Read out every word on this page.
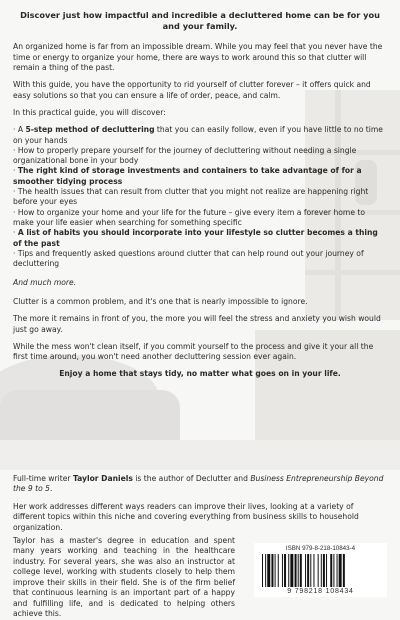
Discover just how impactful and incredible a decluttered home can be for you and your family.

An organized home is far from an impossible dream. While you may feel that you never have the time or energy to organize your home, there are ways to work around this so that clutter will remain a thing of the past.

With this guide, you have the opportunity to rid yourself of clutter forever – it offers quick and easy solutions so that you can ensure a life of order, peace, and calm.

In this practical guide, you will discover:

· A 5-step method of decluttering that you can easily follow, even if you have little to no time on your hands
· How to properly prepare yourself for the journey of decluttering without needing a single organizational bone in your body
· The right kind of storage investments and containers to take advantage of for a smoother tidying process
· The health issues that can result from clutter that you might not realize are happening right before your eyes
· How to organize your home and your life for the future – give every item a forever home to make your life easier when searching for something specific
· A list of habits you should incorporate into your lifestyle so clutter becomes a thing of the past
· Tips and frequently asked questions around clutter that can help round out your journey of decluttering

And much more.

Clutter is a common problem, and it's one that is nearly impossible to ignore.

The more it remains in front of you, the more you will feel the stress and anxiety you wish would just go away.

While the mess won't clean itself, if you commit yourself to the process and give it your all the first time around, you won't need another decluttering session ever again.

Enjoy a home that stays tidy, no matter what goes on in your life.

Full-time writer Taylor Daniels is the author of Declutter and Business Entrepreneurship Beyond the 9 to 5.

Her work addresses different ways readers can improve their lives, looking at a variety of different topics within this niche and covering everything from business skills to household organization.

Taylor has a master's degree in education and spent many years working and teaching in the healthcare industry. For several years, she was also an instructor at college level, working with students closely to help them improve their skills in their field. She is of the firm belief that continuous learning is an important part of a happy and fulfilling life, and is dedicated to helping others achieve this.

ISBN 979-8-218-10843-4
9 798218 108434
